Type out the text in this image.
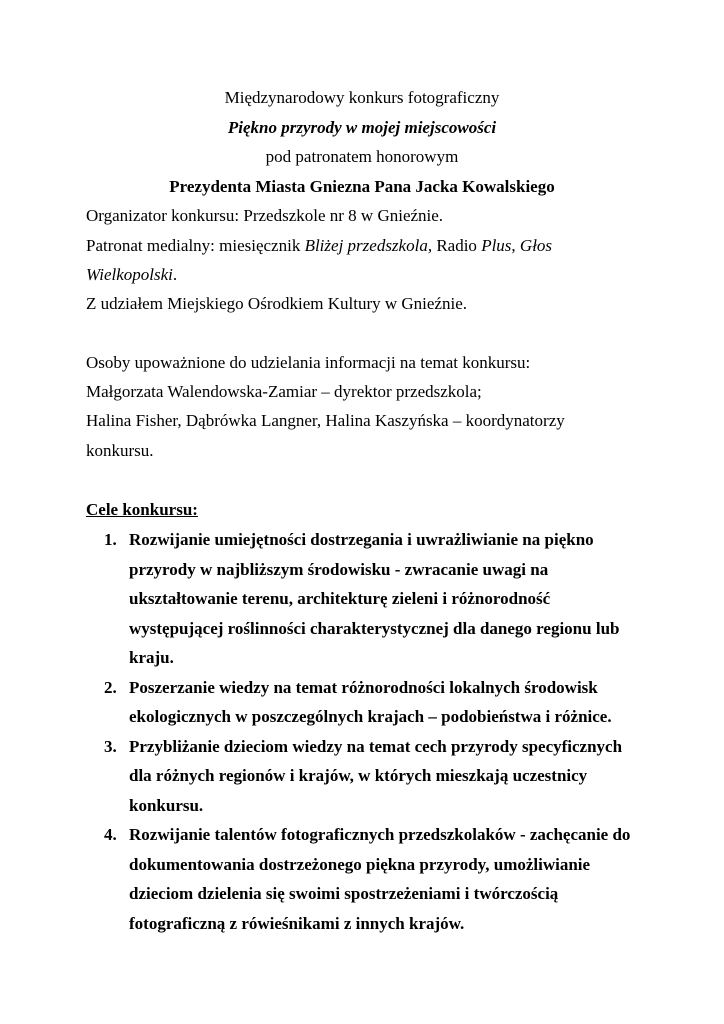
Międzynarodowy konkurs fotograficzny
Piękno przyrody w mojej miejscowości
pod patronatem honorowym
Prezydenta Miasta Gniezna Pana Jacka Kowalskiego
Organizator konkursu: Przedszkole nr 8 w Gnieźnie.
Patronat medialny: miesięcznik Bliżej przedszkola, Radio Plus, Głos
Wielkopolski.
Z udziałem Miejskiego Ośrodkiem Kultury w Gnieźnie.
Osoby upoważnione do udzielania informacji na temat konkursu:
Małgorzata Walendowska-Zamiar – dyrektor przedszkola;
Halina Fisher, Dąbrówka Langner, Halina Kaszyńska – koordynatorzy
konkursu.
Cele konkursu:
1. Rozwijanie umiejętności dostrzegania i uwrażliwianie na piękno przyrody w najbliższym środowisku - zwracanie uwagi na ukształtowanie terenu, architekturę zieleni i różnorodność występującej roślinności charakterystycznej dla danego regionu lub kraju.
2. Poszerzanie wiedzy na temat różnorodności lokalnych środowisk ekologicznych w poszczególnych krajach – podobieństwa i różnice.
3. Przybliżanie dzieciom wiedzy na temat cech przyrody specyficznych dla różnych regionów i krajów, w których mieszkają uczestnicy konkursu.
4. Rozwijanie talentów fotograficznych przedszkolaków - zachęcanie do dokumentowania dostrzeżonego piękna przyrody, umożliwianie dzieciom dzielenia się swoimi spostrzeżeniami i twórczością fotograficzną z rówieśnikami z innych krajów.
